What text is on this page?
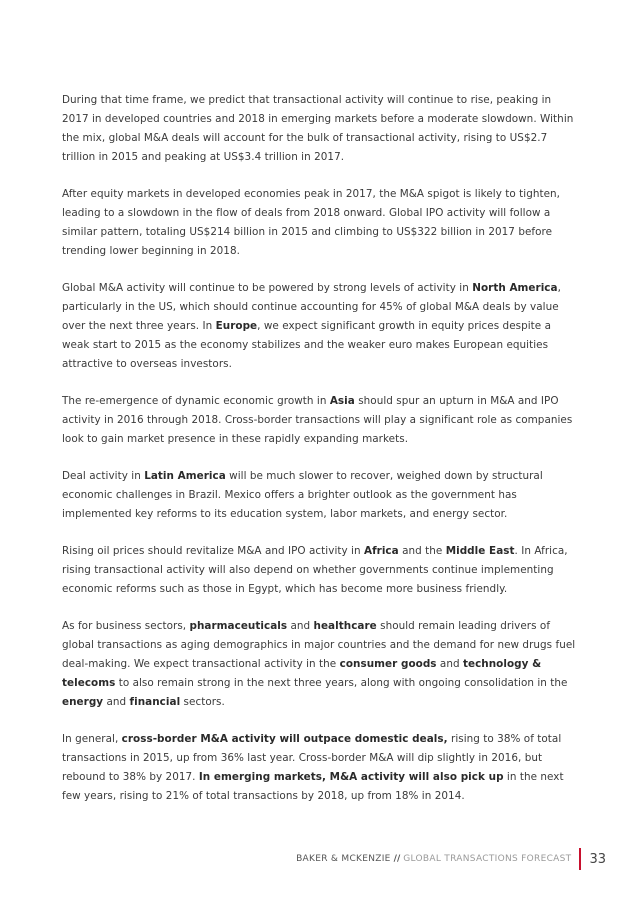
During that time frame, we predict that transactional activity will continue to rise, peaking in 2017 in developed countries and 2018 in emerging markets before a moderate slowdown. Within the mix, global M&A deals will account for the bulk of transactional activity, rising to US$2.7 trillion in 2015 and peaking at US$3.4 trillion in 2017.

After equity markets in developed economies peak in 2017, the M&A spigot is likely to tighten, leading to a slowdown in the flow of deals from 2018 onward. Global IPO activity will follow a similar pattern, totaling US$214 billion in 2015 and climbing to US$322 billion in 2017 before trending lower beginning in 2018.

Global M&A activity will continue to be powered by strong levels of activity in North America, particularly in the US, which should continue accounting for 45% of global M&A deals by value over the next three years. In Europe, we expect significant growth in equity prices despite a weak start to 2015 as the economy stabilizes and the weaker euro makes European equities attractive to overseas investors.

The re-emergence of dynamic economic growth in Asia should spur an upturn in M&A and IPO activity in 2016 through 2018. Cross-border transactions will play a significant role as companies look to gain market presence in these rapidly expanding markets.

Deal activity in Latin America will be much slower to recover, weighed down by structural economic challenges in Brazil. Mexico offers a brighter outlook as the government has implemented key reforms to its education system, labor markets, and energy sector.

Rising oil prices should revitalize M&A and IPO activity in Africa and the Middle East. In Africa, rising transactional activity will also depend on whether governments continue implementing economic reforms such as those in Egypt, which has become more business friendly.

As for business sectors, pharmaceuticals and healthcare should remain leading drivers of global transactions as aging demographics in major countries and the demand for new drugs fuel deal-making. We expect transactional activity in the consumer goods and technology & telecoms to also remain strong in the next three years, along with ongoing consolidation in the energy and financial sectors.

In general, cross-border M&A activity will outpace domestic deals, rising to 38% of total transactions in 2015, up from 36% last year. Cross-border M&A will dip slightly in 2016, but rebound to 38% by 2017. In emerging markets, M&A activity will also pick up in the next few years, rising to 21% of total transactions by 2018, up from 18% in 2014.

BAKER & MCKENZIE // GLOBAL TRANSACTIONS FORECAST 33
